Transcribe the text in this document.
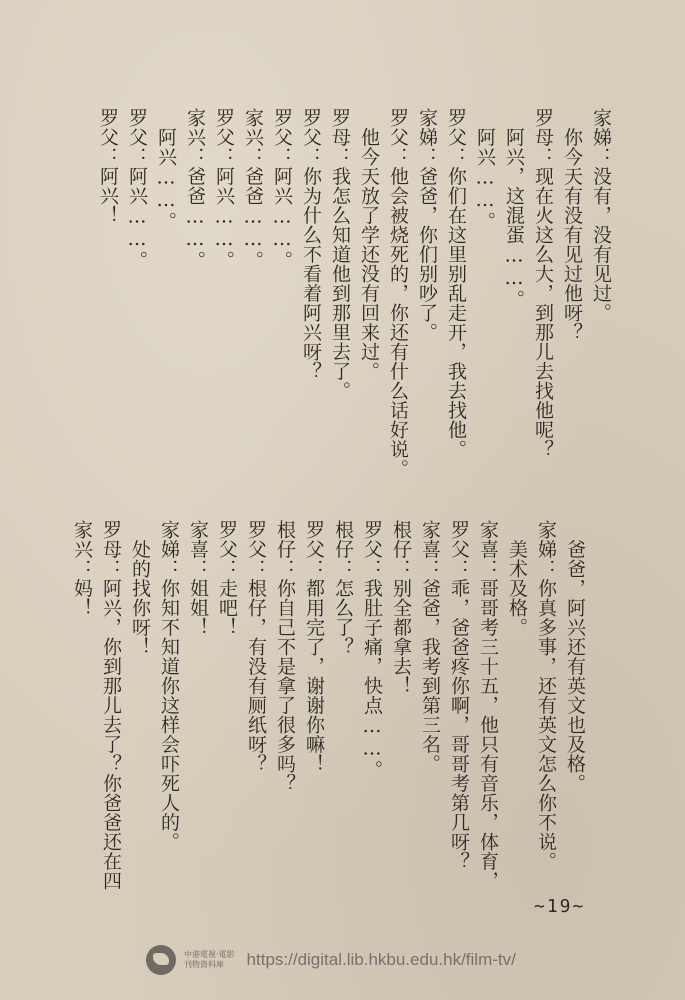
家娣：没有，没有见过。
　你今天有没有见过他呀？
罗母：现在火这么大，到那儿去找他呢？
　阿兴，这混蛋……。
　阿兴……。
罗父：你们在这里别乱走开，我去找他。
家娣：爸爸，你们别吵了。
罗父：他会被烧死的，你还有什么话好说。
　他今天放了学还没有回来过。
罗母：我怎么知道他到那里去了。
罗父：你为什么不看着阿兴呀？
罗父：阿兴……。
家兴：爸爸……。
罗父：阿兴……。
家兴：爸爸……。
　阿兴……。
罗父：阿兴……。
罗父：阿兴！
　爸爸，阿兴还有英文也及格。
家娣：你真多事，还有英文怎么你不说。
　美术及格。
家喜：哥哥考三十五，他只有音乐，体育，
罗父：乖，爸爸疼你啊，哥哥考第几呀？
家喜：爸爸，我考到第三名。
根仔：别全都拿去！
罗父：我肚子痛，快点……。
根仔：怎么了？
罗父：都用完了，谢谢你嘛！
根仔：你自己不是拿了很多吗？
罗父：根仔，有没有厕纸呀？
罗父：走吧！
家喜：姐姐！
家娣：你知不知道你这样会吓死人的。
　处的找你呀！
罗母：阿兴，你到那儿去了？你爸爸还在四
家兴：妈！
~19~
中港電視·電影
刊物資料庫	https://digital.lib.hkbu.edu.hk/film-tv/
